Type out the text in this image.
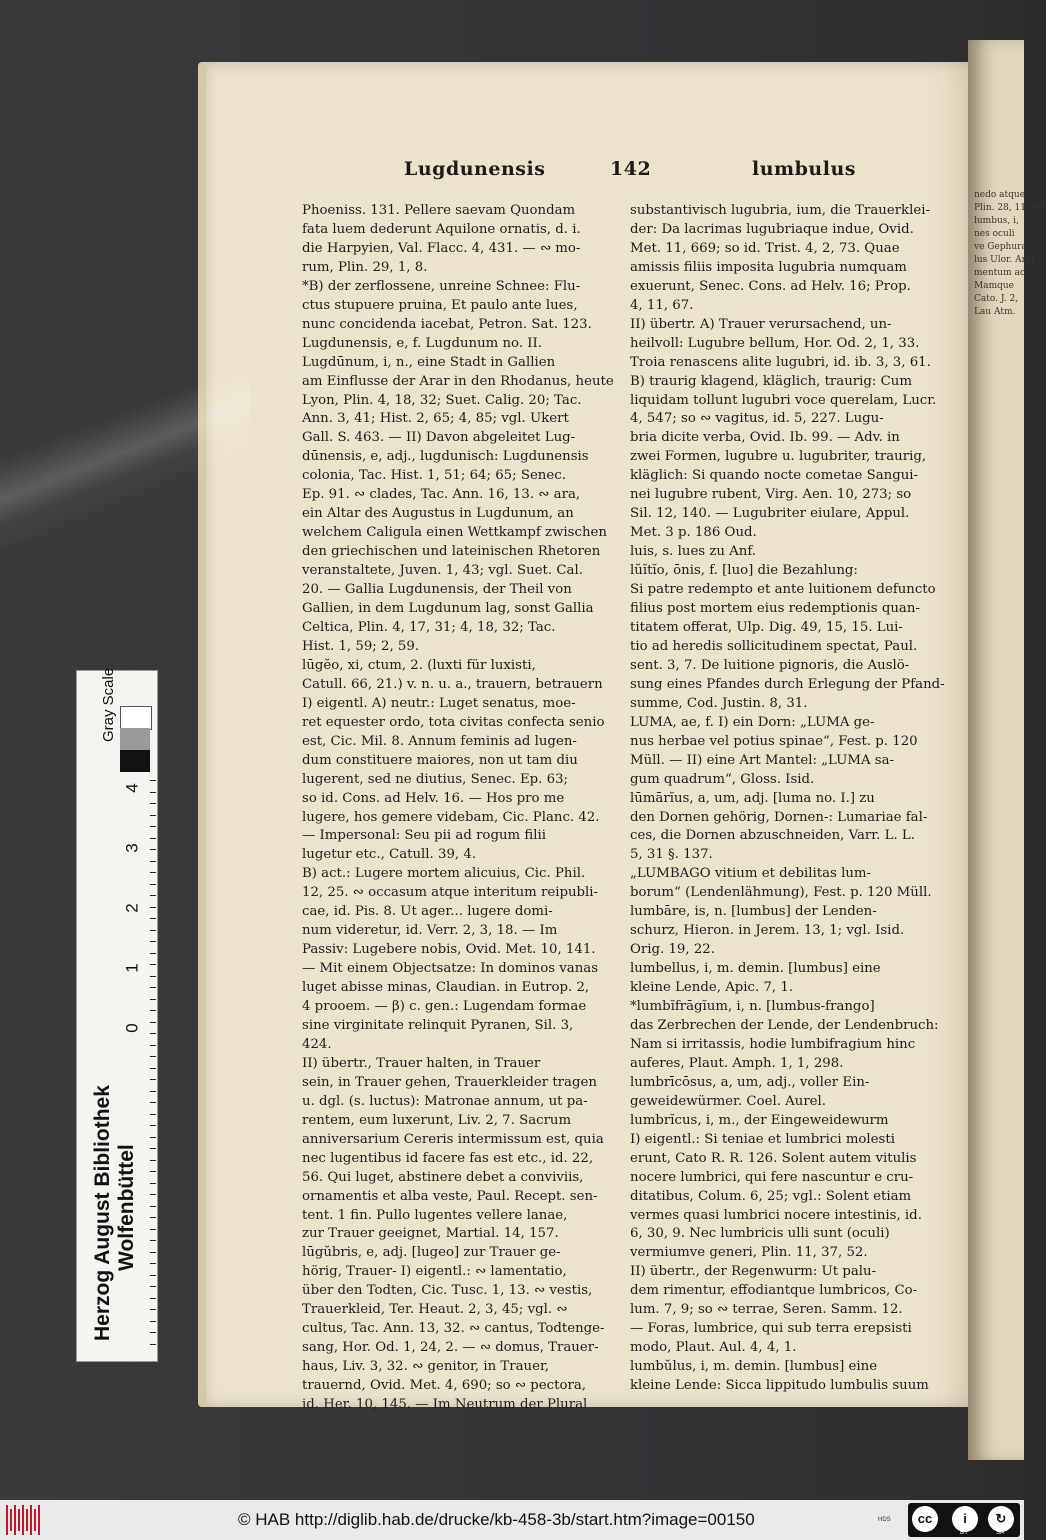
nedo atque
Plin. 28, 11, 47;
lumbus, i,
nes oculi
ve Gephura
lus Ulor. Arat
mentum ac
Mamque
Cato. J. 2,
Lau Atm.
Lugdunensis	142	lumbulus

Phoeniss. 131. Pellere saevam Quondam

fata luem dederunt Aquilone ornatis, d. i.

die Harpyien, Val. Flacc. 4, 431. — ∾ mo-

rum, Plin. 29, 1, 8.

*B) der zerflossene, unreine Schnee: Flu-

ctus stupuere pruina, Et paulo ante lues,

nunc concidenda iacebat, Petron. Sat. 123.

Lugdunensis, e, f. Lugdunum no. II.

Lugdūnum, i, n., eine Stadt in Gallien

am Einflusse der Arar in den Rhodanus, heute

Lyon, Plin. 4, 18, 32; Suet. Calig. 20; Tac.

Ann. 3, 41; Hist. 2, 65; 4, 85; vgl. Ukert

Gall. S. 463. — II) Davon abgeleitet Lug-

dūnensis, e, adj., lugdunisch: Lugdunensis

colonia, Tac. Hist. 1, 51; 64; 65; Senec.

Ep. 91. ∾ clades, Tac. Ann. 16, 13. ∾ ara,

ein Altar des Augustus in Lugdunum, an

welchem Caligula einen Wettkampf zwischen

den griechischen und lateinischen Rhetoren

veranstaltete, Juven. 1, 43; vgl. Suet. Cal.

20. — Gallia Lugdunensis, der Theil von

Gallien, in dem Lugdunum lag, sonst Gallia

Celtica, Plin. 4, 17, 31; 4, 18, 32; Tac.

Hist. 1, 59; 2, 59.

lūgĕo, xi, ctum, 2. (luxti für luxisti,

Catull. 66, 21.) v. n. u. a., trauern, betrauern

I) eigentl. A) neutr.: Luget senatus, moe-

ret equester ordo, tota civitas confecta senio

est, Cic. Mil. 8. Annum feminis ad lugen-

dum constituere maiores, non ut tam diu

lugerent, sed ne diutius, Senec. Ep. 63;

so id. Cons. ad Helv. 16. — Hos pro me

lugere, hos gemere videbam, Cic. Planc. 42.

— Impersonal: Seu pii ad rogum filii

lugetur etc., Catull. 39, 4.

B) act.: Lugere mortem alicuius, Cic. Phil.

12, 25. ∾ occasum atque interitum reipubli-

cae, id. Pis. 8. Ut ager... lugere domi-

num videretur, id. Verr. 2, 3, 18. — Im

Passiv: Lugebere nobis, Ovid. Met. 10, 141.

— Mit einem Objectsatze: In dominos vanas

luget abisse minas, Claudian. in Eutrop. 2,

4 prooem. — β) c. gen.: Lugendam formae

sine virginitate relinquit Pyranen, Sil. 3,

424.

II) übertr., Trauer halten, in Trauer

sein, in Trauer gehen, Trauerkleider tragen

u. dgl. (s. luctus): Matronae annum, ut pa-

rentem, eum luxerunt, Liv. 2, 7. Sacrum

anniversarium Cereris intermissum est, quia

nec lugentibus id facere fas est etc., id. 22,

56. Qui luget, abstinere debet a conviviis,

ornamentis et alba veste, Paul. Recept. sen-

tent. 1 fin. Pullo lugentes vellere lanae,

zur Trauer geeignet, Martial. 14, 157.

lūgŭbris, e, adj. [lugeo] zur Trauer ge-

hörig, Trauer- I) eigentl.: ∾ lamentatio,

über den Todten, Cic. Tusc. 1, 13. ∾ vestis,

Trauerkleid, Ter. Heaut. 2, 3, 45; vgl. ∾

cultus, Tac. Ann. 13, 32. ∾ cantus, Todtenge-

sang, Hor. Od. 1, 24, 2. — ∾ domus, Trauer-

haus, Liv. 3, 32. ∾ genitor, in Trauer,

trauernd, Ovid. Met. 4, 690; so ∾ pectora,

id. Her. 10, 145. — Im Neutrum der Plural

substantivisch lugubria, ium, die Trauerklei-

der: Da lacrimas lugubriaque indue, Ovid.

Met. 11, 669; so id. Trist. 4, 2, 73. Quae

amissis filiis imposita lugubria numquam

exuerunt, Senec. Cons. ad Helv. 16; Prop.

4, 11, 67.

II) übertr. A) Trauer verursachend, un-

heilvoll: Lugubre bellum, Hor. Od. 2, 1, 33.

Troia renascens alite lugubri, id. ib. 3, 3, 61.

B) traurig klagend, kläglich, traurig: Cum

liquidam tollunt lugubri voce querelam, Lucr.

4, 547; so ∾ vagitus, id. 5, 227. Lugu-

bria dicite verba, Ovid. Ib. 99. — Adv. in

zwei Formen, lugubre u. lugubriter, traurig,

kläglich: Si quando nocte cometae Sangui-

nei lugubre rubent, Virg. Aen. 10, 273; so

Sil. 12, 140. — Lugubriter eiulare, Appul.

Met. 3 p. 186 Oud.

luis, s. lues zu Anf.

lŭĭtĭo, ōnis, f. [luo] die Bezahlung:

Si patre redempto et ante luitionem defuncto

filius post mortem eius redemptionis quan-

titatem offerat, Ulp. Dig. 49, 15, 15. Lui-

tio ad heredis sollicitudinem spectat, Paul.

sent. 3, 7. De luitione pignoris, die Auslö-

sung eines Pfandes durch Erlegung der Pfand-

summe, Cod. Justin. 8, 31.

LUMA, ae, f. I) ein Dorn: „LUMA ge-

nus herbae vel potius spinae“, Fest. p. 120

Müll. — II) eine Art Mantel: „LUMA sa-

gum quadrum“, Gloss. Isid.

lūmārĭus, a, um, adj. [luma no. I.] zu

den Dornen gehörig, Dornen-: Lumariae fal-

ces, die Dornen abzuschneiden, Varr. L. L.

5, 31 §. 137.

„LUMBAGO vitium et debilitas lum-

borum“ (Lendenlähmung), Fest. p. 120 Müll.

lumbāre, is, n. [lumbus] der Lenden-

schurz, Hieron. in Jerem. 13, 1; vgl. Isid.

Orig. 19, 22.

lumbellus, i, m. demin. [lumbus] eine

kleine Lende, Apic. 7, 1.

*lumbĭfrāgĭum, i, n. [lumbus-frango]

das Zerbrechen der Lende, der Lendenbruch:

Nam si irritassis, hodie lumbifragium hinc

auferes, Plaut. Amph. 1, 1, 298.

lumbrīcōsus, a, um, adj., voller Ein-

geweidewürmer. Coel. Aurel.

lumbrĭcus, i, m., der Eingeweidewurm

I) eigentl.: Si teniae et lumbrici molesti

erunt, Cato R. R. 126. Solent autem vitulis

nocere lumbrici, qui fere nascuntur e cru-

ditatibus, Colum. 6, 25; vgl.: Solent etiam

vermes quasi lumbrici nocere intestinis, id.

6, 30, 9. Nec lumbricis ulli sunt (oculi)

vermiumve generi, Plin. 11, 37, 52.

II) übertr., der Regenwurm: Ut palu-

dem rimentur, effodiantque lumbricos, Co-

lum. 7, 9; so ∾ terrae, Seren. Samm. 12.

— Foras, lumbrice, qui sub terra erepsisti

modo, Plaut. Aul. 4, 4, 1.

lumbŭlus, i, m. demin. [lumbus] eine

kleine Lende: Sicca lippitudo lumbulis suum

Herzog August Bibliothek Wolfenbüttel
Gray Scale
0
1
2
3
4
© HAB http://diglib.hab.de/drucke/kb-458-3b/start.htm?image=00150	HDS	cc	i	↻
BY	SA
